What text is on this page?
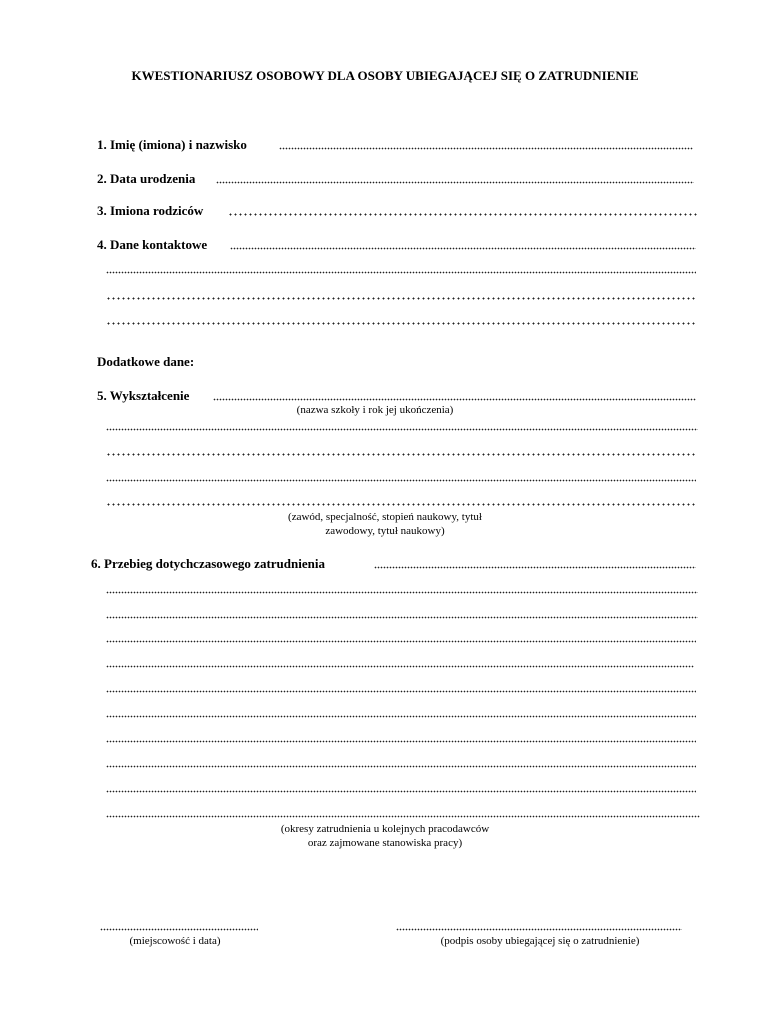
KWESTIONARIUSZ OSOBOWY DLA OSOBY UBIEGAJĄCEJ SIĘ O ZATRUDNIENIE
1. Imię (imiona) i nazwisko
2. Data urodzenia
3. Imiona rodziców
4. Dane kontaktowe
Dodatkowe dane:
5. Wykształcenie
(nazwa szkoły i rok jej ukończenia)
(zawód, specjalność, stopień naukowy, tytuł
zawodowy, tytuł naukowy)
6. Przebieg dotychczasowego zatrudnienia
(okresy zatrudnienia u kolejnych pracodawców
oraz zajmowane stanowiska pracy)
(miejscowość i data)	(podpis osoby ubiegającej się o zatrudnienie)
